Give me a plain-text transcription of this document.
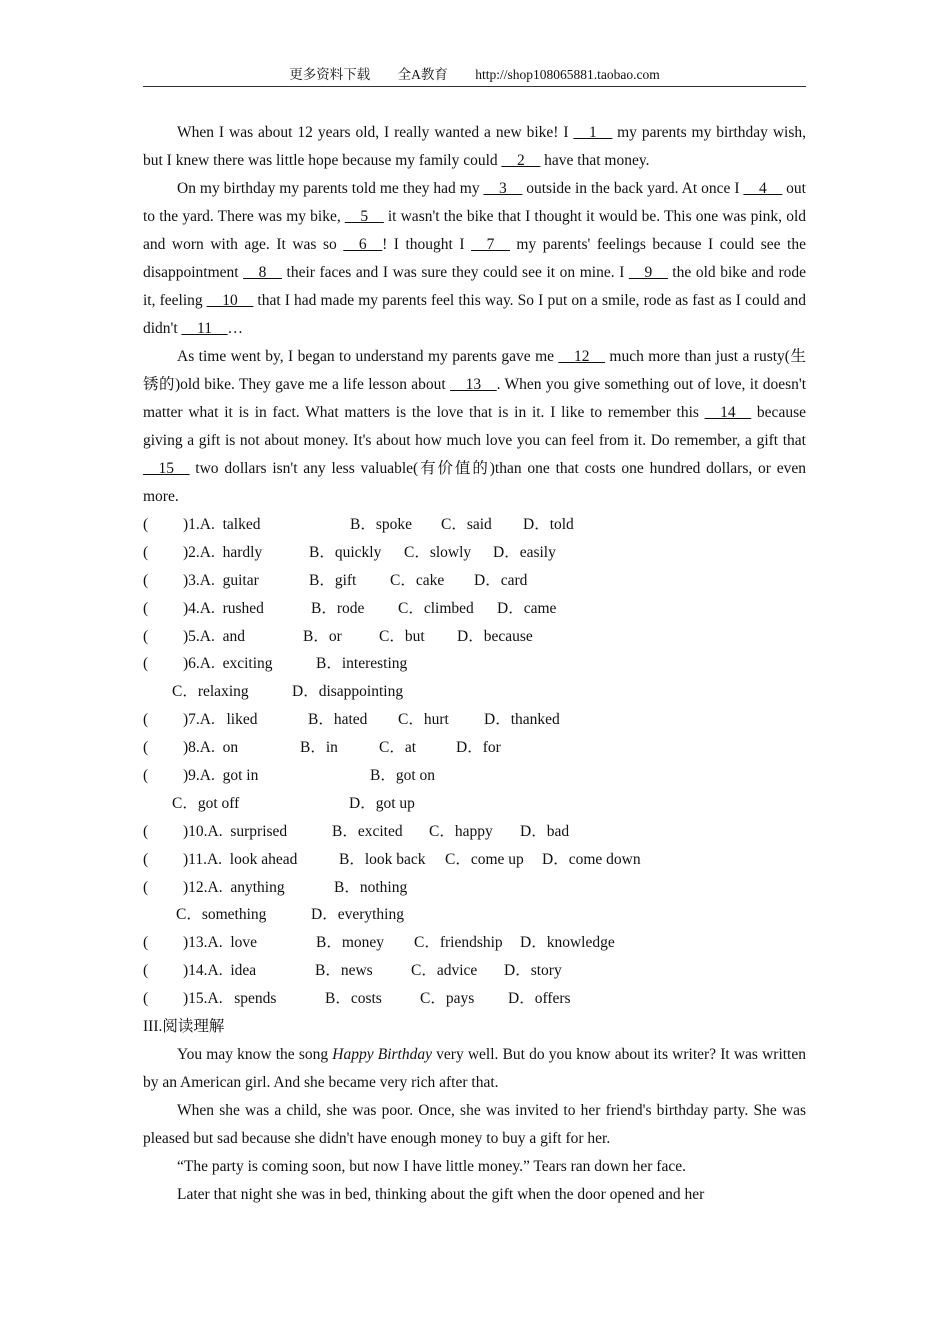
更多资料下载 全A教育 http://shop108065881.taobao.com

When I was about 12 years old, I really wanted a new bike! I __1__ my parents my birthday wish, but I knew there was little hope because my family could __2__ have that money.

On my birthday my parents told me they had my __3__ outside in the back yard. At once I __4__ out to the yard. There was my bike, __5__ it wasn't the bike that I thought it would be. This one was pink, old and worn with age. It was so __6__! I thought I __7__ my parents' feelings because I could see the disappointment __8__ their faces and I was sure they could see it on mine. I __9__ the old bike and rode it, feeling __10__ that I had made my parents feel this way. So I put on a smile, rode as fast as I could and didn't __11__…

As time went by, I began to understand my parents gave me __12__ much more than just a rusty(生锈的)old bike. They gave me a life lesson about __13__. When you give something out of love, it doesn't matter what it is in fact. What matters is the love that is in it. I like to remember this __14__ because giving a gift is not about money. It's about how much love you can feel from it. Do remember, a gift that __15__ two dollars isn't any less valuable(有价值的)than one that costs one hundred dollars, or even more.

( )1.A.  talked	B．spoke C．said D．told
( )2.A.  hardly	B．quickly C．slowly D．easily
( )3.A.  guitar	B．gift C．cake D．card
( )4.A.  rushed	B．rode C．climbed D．came
( )5.A.  and	B．or C．but D．because
( )6.A.  exciting	B．interesting
C．relaxing	D．disappointing
( )7.A.   liked	B．hated C．hurt D．thanked
( )8.A.  on	B．in	C．at	D．for
( )9.A.  got in	B．got on
C．got off	D．got up
( )10.A.  surprised	B．excited C．happy D．bad
( )11.A.  look ahead	B．look back C．come up D．come down
( )12.A.  anything	B．nothing
C．something	D．everything
( )13.A.  love	B．money C．friendship D．knowledge
( )14.A.  idea	B．news C．advice D．story
( )15.A.   spends	B．costs C．pays D．offers
III.阅读理解

You may know the song Happy Birthday very well. But do you know about its writer? It was written by an American girl. And she became very rich after that.

When she was a child, she was poor. Once, she was invited to her friend's birthday party. She was pleased but sad because she didn't have enough money to buy a gift for her.

“The party is coming soon, but now I have little money.” Tears ran down her face.

Later that night she was in bed, thinking about the gift when the door opened and her
